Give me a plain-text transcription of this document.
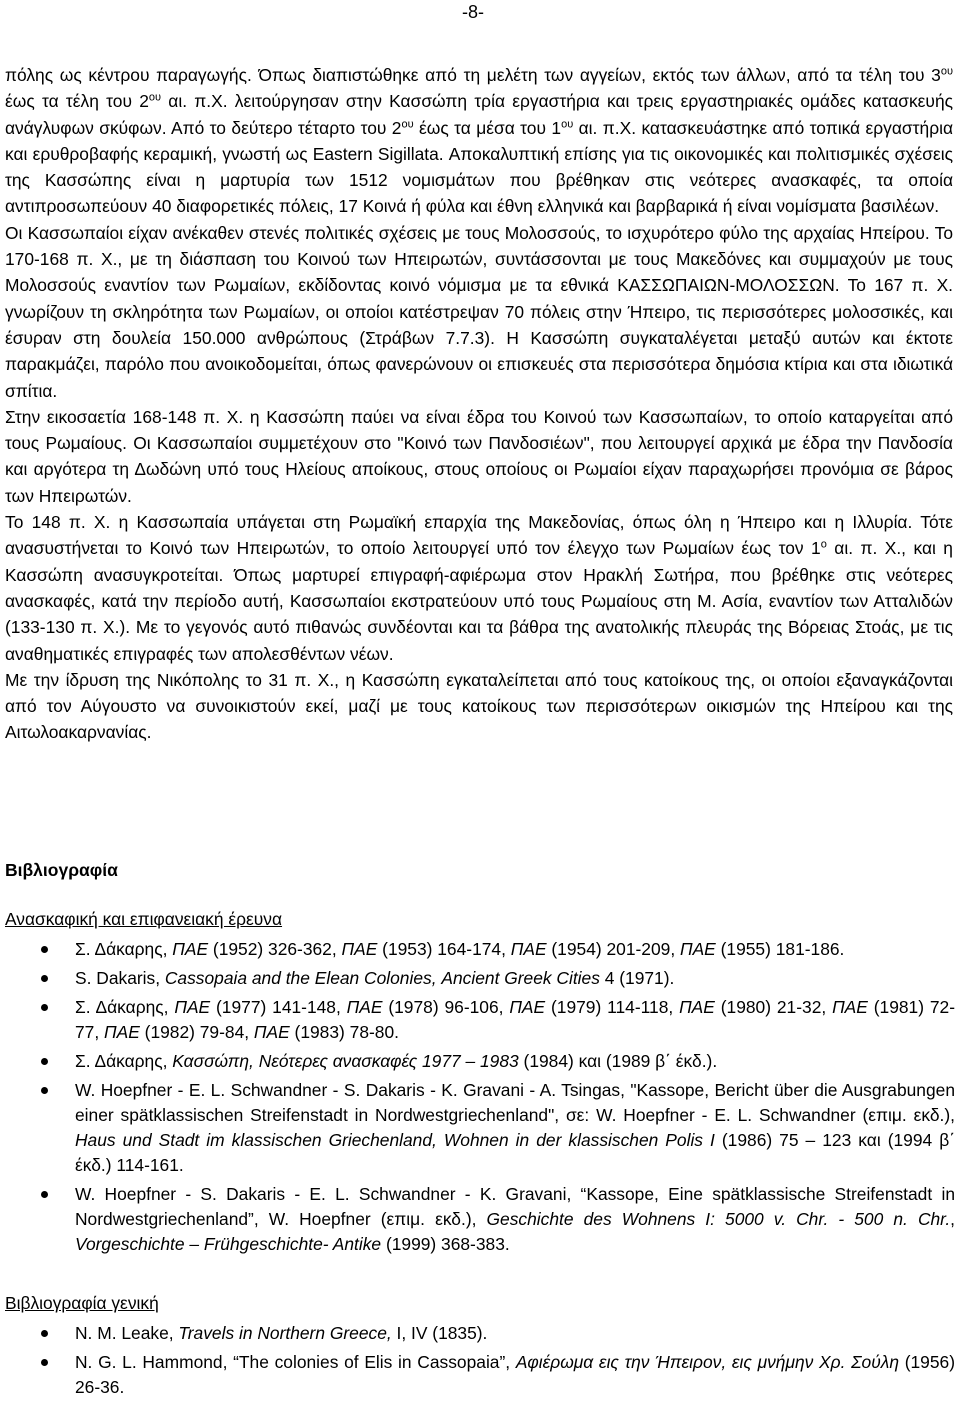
-8-

πόλης ως κέντρου παραγωγής. Όπως διαπιστώθηκε από τη μελέτη των αγγείων, εκτός των άλλων, από τα τέλη του $3^{o\upsilon}$ έως τα τέλη του $2^{o\upsilon}$ αι. π.Χ. λειτούργησαν στην Κασσώπη τρία εργαστήρια και τρεις εργαστηριακές ομάδες κατασκευής ανάγλυφων σκύφων. Από το δεύτερο τέταρτο του $2^{o\upsilon}$ έως τα μέσα του $1^{o\upsilon}$ αι. π.Χ. κατασκευάστηκε από τοπικά εργαστήρια και ερυθροβαφής κεραμική, γνωστή ως Eastern Sigillata. Αποκαλυπτική επίσης για τις οικονομικές και πολιτισμικές σχέσεις της Κασσώπης είναι η μαρτυρία των 1512 νομισμάτων που βρέθηκαν στις νεότερες ανασκαφές, τα οποία αντιπροσωπεύουν 40 διαφορετικές πόλεις, 17 Κοινά ή φύλα και έθνη ελληνικά και βαρβαρικά ή είναι νομίσματα βασιλέων.

Οι Κασσωπαίοι είχαν ανέκαθεν στενές πολιτικές σχέσεις με τους Μολοσσούς, το ισχυρότερο φύλο της αρχαίας Ηπείρου. Το 170-168 π. Χ., με τη διάσπαση του Κοινού των Ηπειρωτών, συντάσσονται με τους Μακεδόνες και συμμαχούν με τους Μολοσσούς εναντίον των Ρωμαίων, εκδίδοντας κοινό νόμισμα με τα εθνικά ΚΑΣΣΩΠΑΙΩΝ-ΜΟΛΟΣΣΩΝ. Το 167 π. Χ. γνωρίζουν τη σκληρότητα των Ρωμαίων, οι οποίοι κατέστρεψαν 70 πόλεις στην Ήπειρο, τις περισσότερες μολοσσικές, και έσυραν στη δουλεία 150.000 ανθρώπους (Στράβων 7.7.3). Η Κασσώπη συγκαταλέγεται μεταξύ αυτών και έκτοτε παρακμάζει, παρόλο που ανοικοδομείται, όπως φανερώνουν οι επισκευές στα περισσότερα δημόσια κτίρια και στα ιδιωτικά σπίτια.

Στην εικοσαετία 168-148 π. Χ. η Κασσώπη παύει να είναι έδρα του Κοινού των Κασσωπαίων, το οποίο καταργείται από τους Ρωμαίους. Οι Κασσωπαίοι συμμετέχουν στο "Κοινό των Πανδοσιέων", που λειτουργεί αρχικά με έδρα την Πανδοσία και αργότερα τη Δωδώνη υπό τους Ηλείους αποίκους, στους οποίους οι Ρωμαίοι είχαν παραχωρήσει προνόμια σε βάρος των Ηπειρωτών.

Το 148 π. Χ. η Κασσωπαία υπάγεται στη Ρωμαϊκή επαρχία της Μακεδονίας, όπως όλη η Ήπειρο και η Ιλλυρία. Τότε ανασυστήνεται το Κοινό των Ηπειρωτών, το οποίο λειτουργεί υπό τον έλεγχο των Ρωμαίων έως τον $1^o$ αι. π. Χ., και η Κασσώπη ανασυγκροτείται. Όπως μαρτυρεί επιγραφή-αφιέρωμα στον Ηρακλή Σωτήρα, που βρέθηκε στις νεότερες ανασκαφές, κατά την περίοδο αυτή, Κασσωπαίοι εκστρατεύουν υπό τους Ρωμαίους στη Μ. Ασία, εναντίον των Ατταλιδών (133-130 π. Χ.). Με το γεγονός αυτό πιθανώς συνδέονται και τα βάθρα της ανατολικής πλευράς της Βόρειας Στοάς, με τις αναθηματικές επιγραφές των απολεσθέντων νέων.

Με την ίδρυση της Νικόπολης το 31 π. Χ., η Κασσώπη εγκαταλείπεται από τους κατοίκους της, οι οποίοι εξαναγκάζονται από τον Αύγουστο να συνοικιστούν εκεί, μαζί με τους κατοίκους των περισσότερων οικισμών της Ηπείρου και της Αιτωλοακαρνανίας.

Βιβλιογραφία
Ανασκαφική και επιφανειακή έρευνα
Σ. Δάκαρης, ΠΑΕ (1952) 326-362, ΠΑΕ (1953) 164-174, ΠΑΕ (1954) 201-209, ΠΑΕ (1955) 181-186.
S. Dakaris, Cassopaia and the Elean Colonies, Ancient Greek Cities 4 (1971).
Σ. Δάκαρης, ΠΑΕ (1977) 141-148, ΠΑΕ (1978) 96-106, ΠΑΕ (1979) 114-118, ΠΑΕ (1980) 21-32, ΠΑΕ (1981) 72-77, ΠΑΕ (1982) 79-84, ΠΑΕ (1983) 78-80.
Σ. Δάκαρης, Κασσώπη, Νεότερες ανασκαφές 1977 – 1983 (1984) και (1989 β΄ έκδ.).
W. Hoepfner - E. L. Schwandner - S. Dakaris - K. Gravani - A. Tsingas, "Kassope, Bericht über die Ausgrabungen einer spätklassischen Streifenstadt in Nordwestgriechenland", σε: W. Hoepfner - E. L. Schwandner (επιμ. εκδ.), Haus und Stadt im klassischen Griechenland, Wohnen in der klassischen Polis I (1986) 75 – 123 και (1994 β΄ έκδ.) 114-161.
W. Hoepfner - S. Dakaris - E. L. Schwandner - K. Gravani, “Kassope, Eine spätklassische Streifenstadt in Nordwestgriechenland”, W. Hoepfner (επιμ. εκδ.), Geschichte des Wohnens I: 5000 v. Chr. - 500 n. Chr., Vorgeschichte – Frühgeschichte- Antike (1999) 368-383.
Βιβλιογραφία γενική
N. M. Leake, Travels in Northern Greece, I, IV (1835).
N. G. L. Hammond, “The colonies of Elis in Cassopaia”, Αφιέρωμα εις την Ήπειρον, εις μνήμην Χρ. Σούλη (1956) 26-36.
